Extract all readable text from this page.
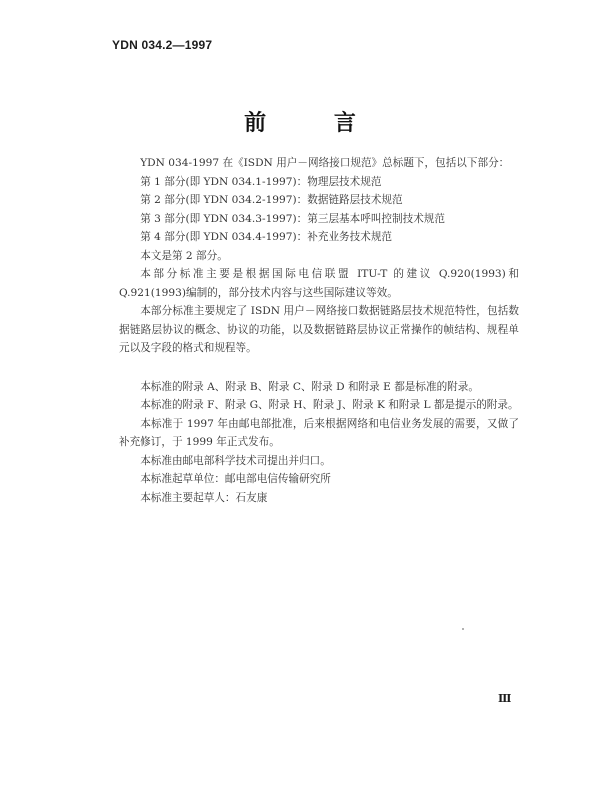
YDN 034.2—1997
前 言

YDN 034-1997 在《ISDN 用户－网络接口规范》总标题下，包括以下部分：

第 1 部分(即 YDN 034.1-1997)：物理层技术规范

第 2 部分(即 YDN 034.2-1997)：数据链路层技术规范

第 3 部分(即 YDN 034.3-1997)：第三层基本呼叫控制技术规范

第 4 部分(即 YDN 034.4-1997)：补充业务技术规范

本文是第 2 部分。

本部分标准主要是根据国际电信联盟 ITU-T 的建议 Q.920(1993)和 Q.921(1993)编制的，部分技术内容与这些国际建议等效。

本部分标准主要规定了 ISDN 用户－网络接口数据链路层技术规范特性，包括数据链路层协议的概念、协议的功能，以及数据链路层协议正常操作的帧结构、规程单元以及字段的格式和规程等。

本标准的附录 A、附录 B、附录 C、附录 D 和附录 E 都是标准的附录。

本标准的附录 F、附录 G、附录 H、附录 J、附录 K 和附录 L 都是提示的附录。

本标准于 1997 年由邮电部批准，后来根据网络和电信业务发展的需要，又做了补充修订，于 1999 年正式发布。

本标准由邮电部科学技术司提出并归口。

本标准起草单位：邮电部电信传输研究所

本标准主要起草人：石友康

Ⅲ
